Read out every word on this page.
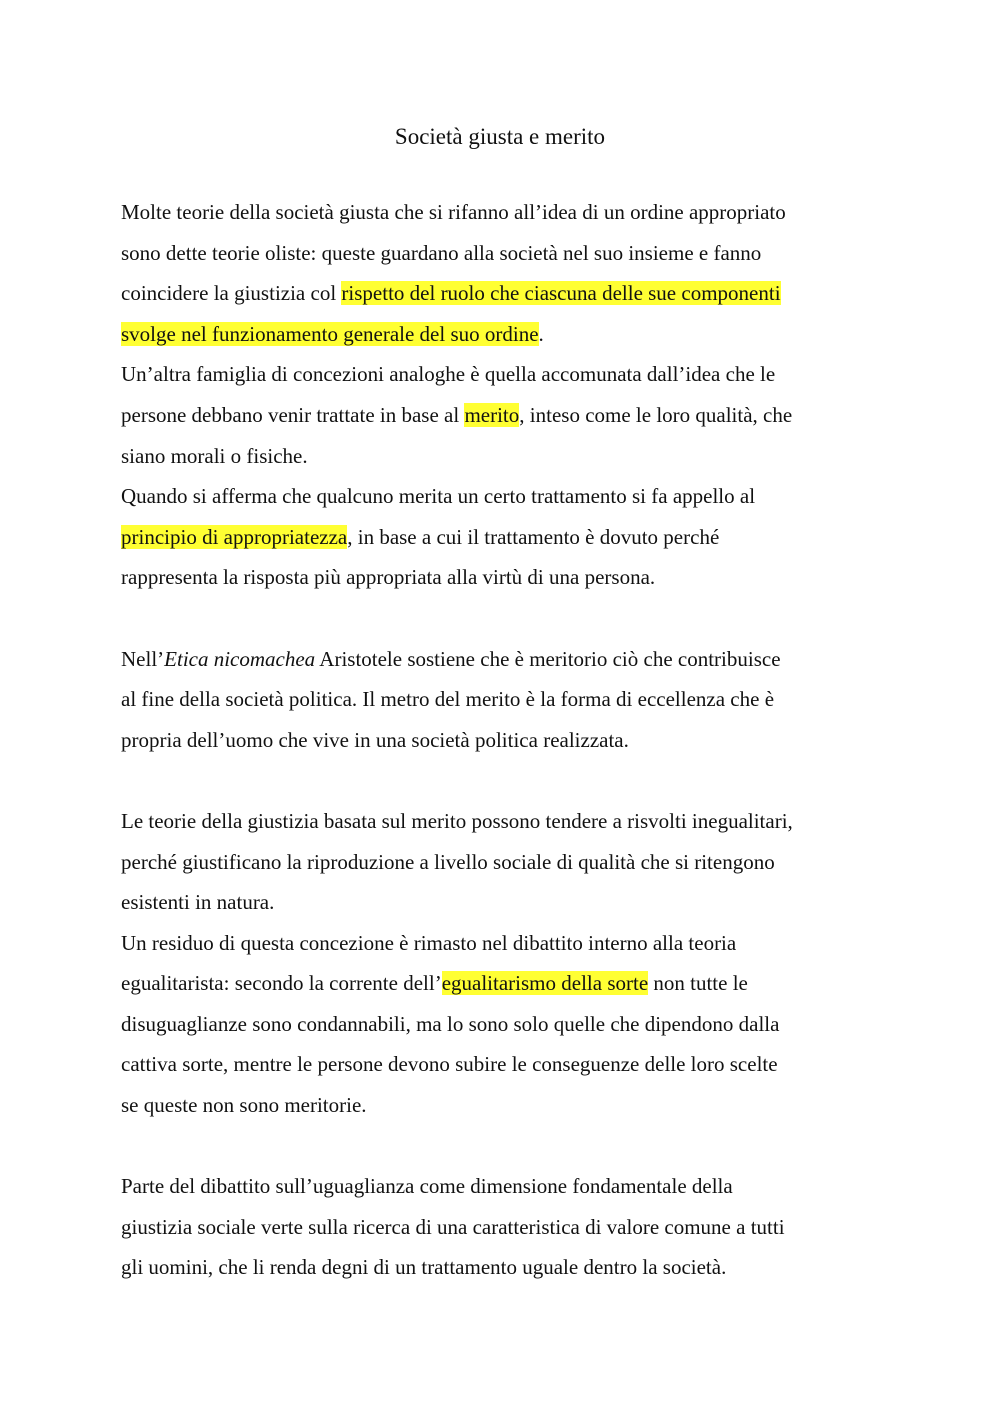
Società giusta e merito
Molte teorie della società giusta che si rifanno all’idea di un ordine appropriato
sono dette teorie oliste: queste guardano alla società nel suo insieme e fanno
coincidere la giustizia col rispetto del ruolo che ciascuna delle sue componenti
svolge nel funzionamento generale del suo ordine.
Un’altra famiglia di concezioni analoghe è quella accomunata dall’idea che le
persone debbano venir trattate in base al merito, inteso come le loro qualità, che
siano morali o fisiche.
Quando si afferma che qualcuno merita un certo trattamento si fa appello al
principio di appropriatezza, in base a cui il trattamento è dovuto perché
rappresenta la risposta più appropriata alla virtù di una persona.
Nell’Etica nicomachea Aristotele sostiene che è meritorio ciò che contribuisce
al fine della società politica. Il metro del merito è la forma di eccellenza che è
propria dell’uomo che vive in una società politica realizzata.
Le teorie della giustizia basata sul merito possono tendere a risvolti inegualitari,
perché giustificano la riproduzione a livello sociale di qualità che si ritengono
esistenti in natura.
Un residuo di questa concezione è rimasto nel dibattito interno alla teoria
egualitarista: secondo la corrente dell’egualitarismo della sorte non tutte le
disuguaglianze sono condannabili, ma lo sono solo quelle che dipendono dalla
cattiva sorte, mentre le persone devono subire le conseguenze delle loro scelte
se queste non sono meritorie.
Parte del dibattito sull’uguaglianza come dimensione fondamentale della
giustizia sociale verte sulla ricerca di una caratteristica di valore comune a tutti
gli uomini, che li renda degni di un trattamento uguale dentro la società.
